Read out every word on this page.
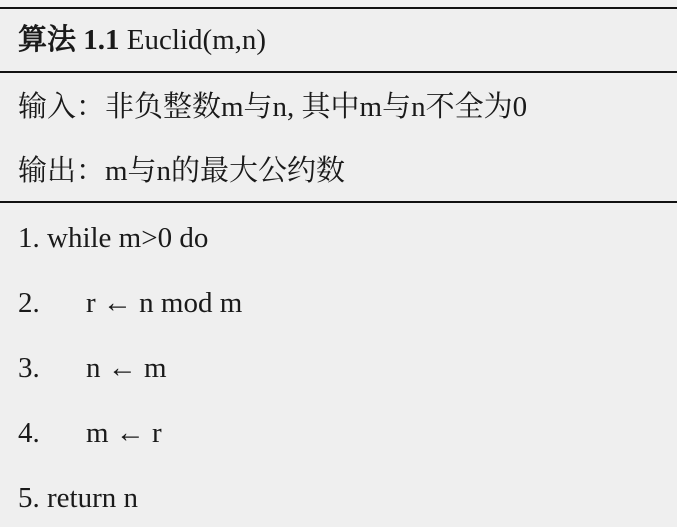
算法 1.1 Euclid(m,n)
输入：非负整数m与n, 其中m与n不全为0
输出：m与n的最大公约数
1. while m>0 do
2. r ← n mod m
3. n ← m
4. m ← r
5. return n
